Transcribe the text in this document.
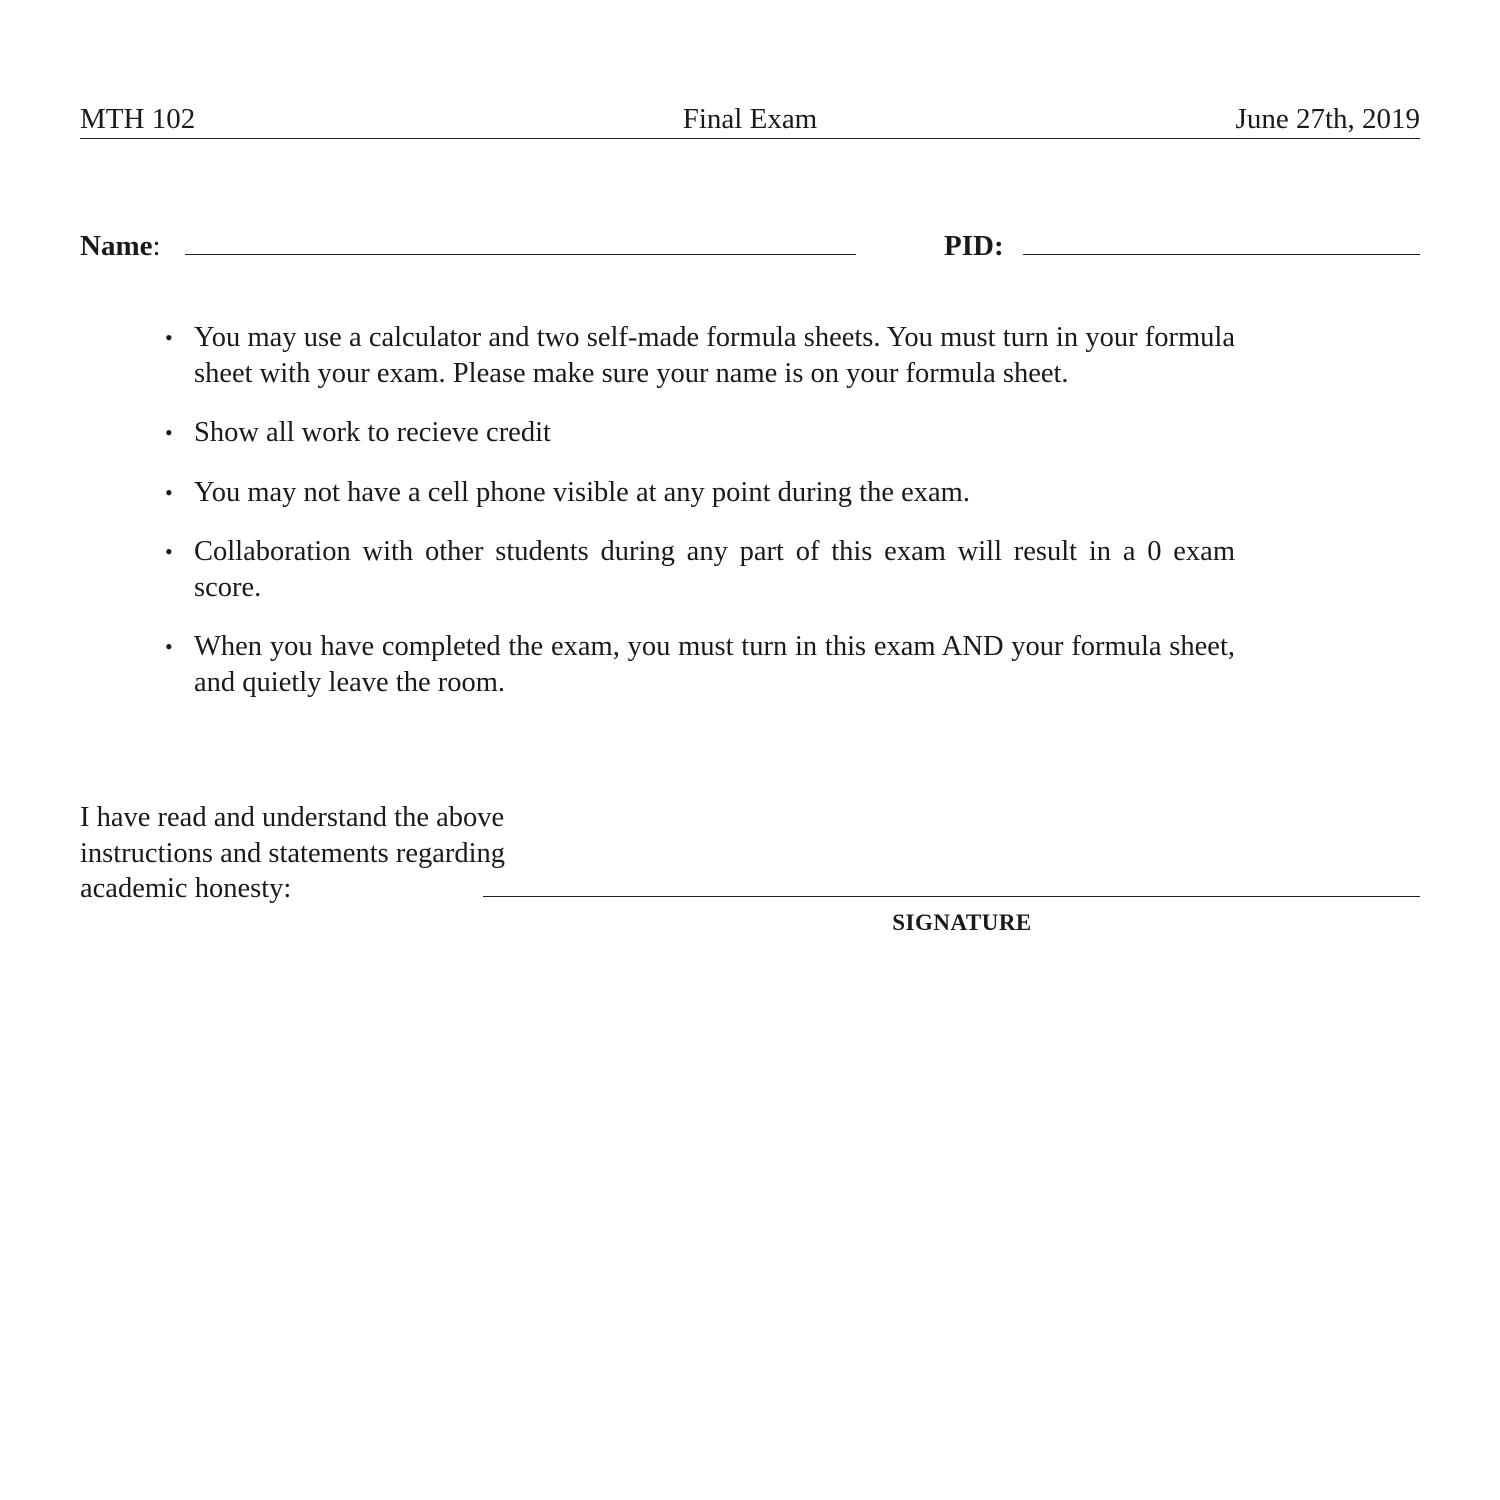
MTH 102	Final Exam	June 27th, 2019
Name:	PID:
• You may use a calculator and two self-made formula sheets. You must turn in your formula sheet with your exam. Please make sure your name is on your formula sheet.
• Show all work to recieve credit
• You may not have a cell phone visible at any point during the exam.
• Collaboration with other students during any part of this exam will result in a 0 exam score.
• When you have completed the exam, you must turn in this exam AND your formula sheet, and quietly leave the room.
I have read and understand the above instructions and statements regarding academic honesty:
SIGNATURE
